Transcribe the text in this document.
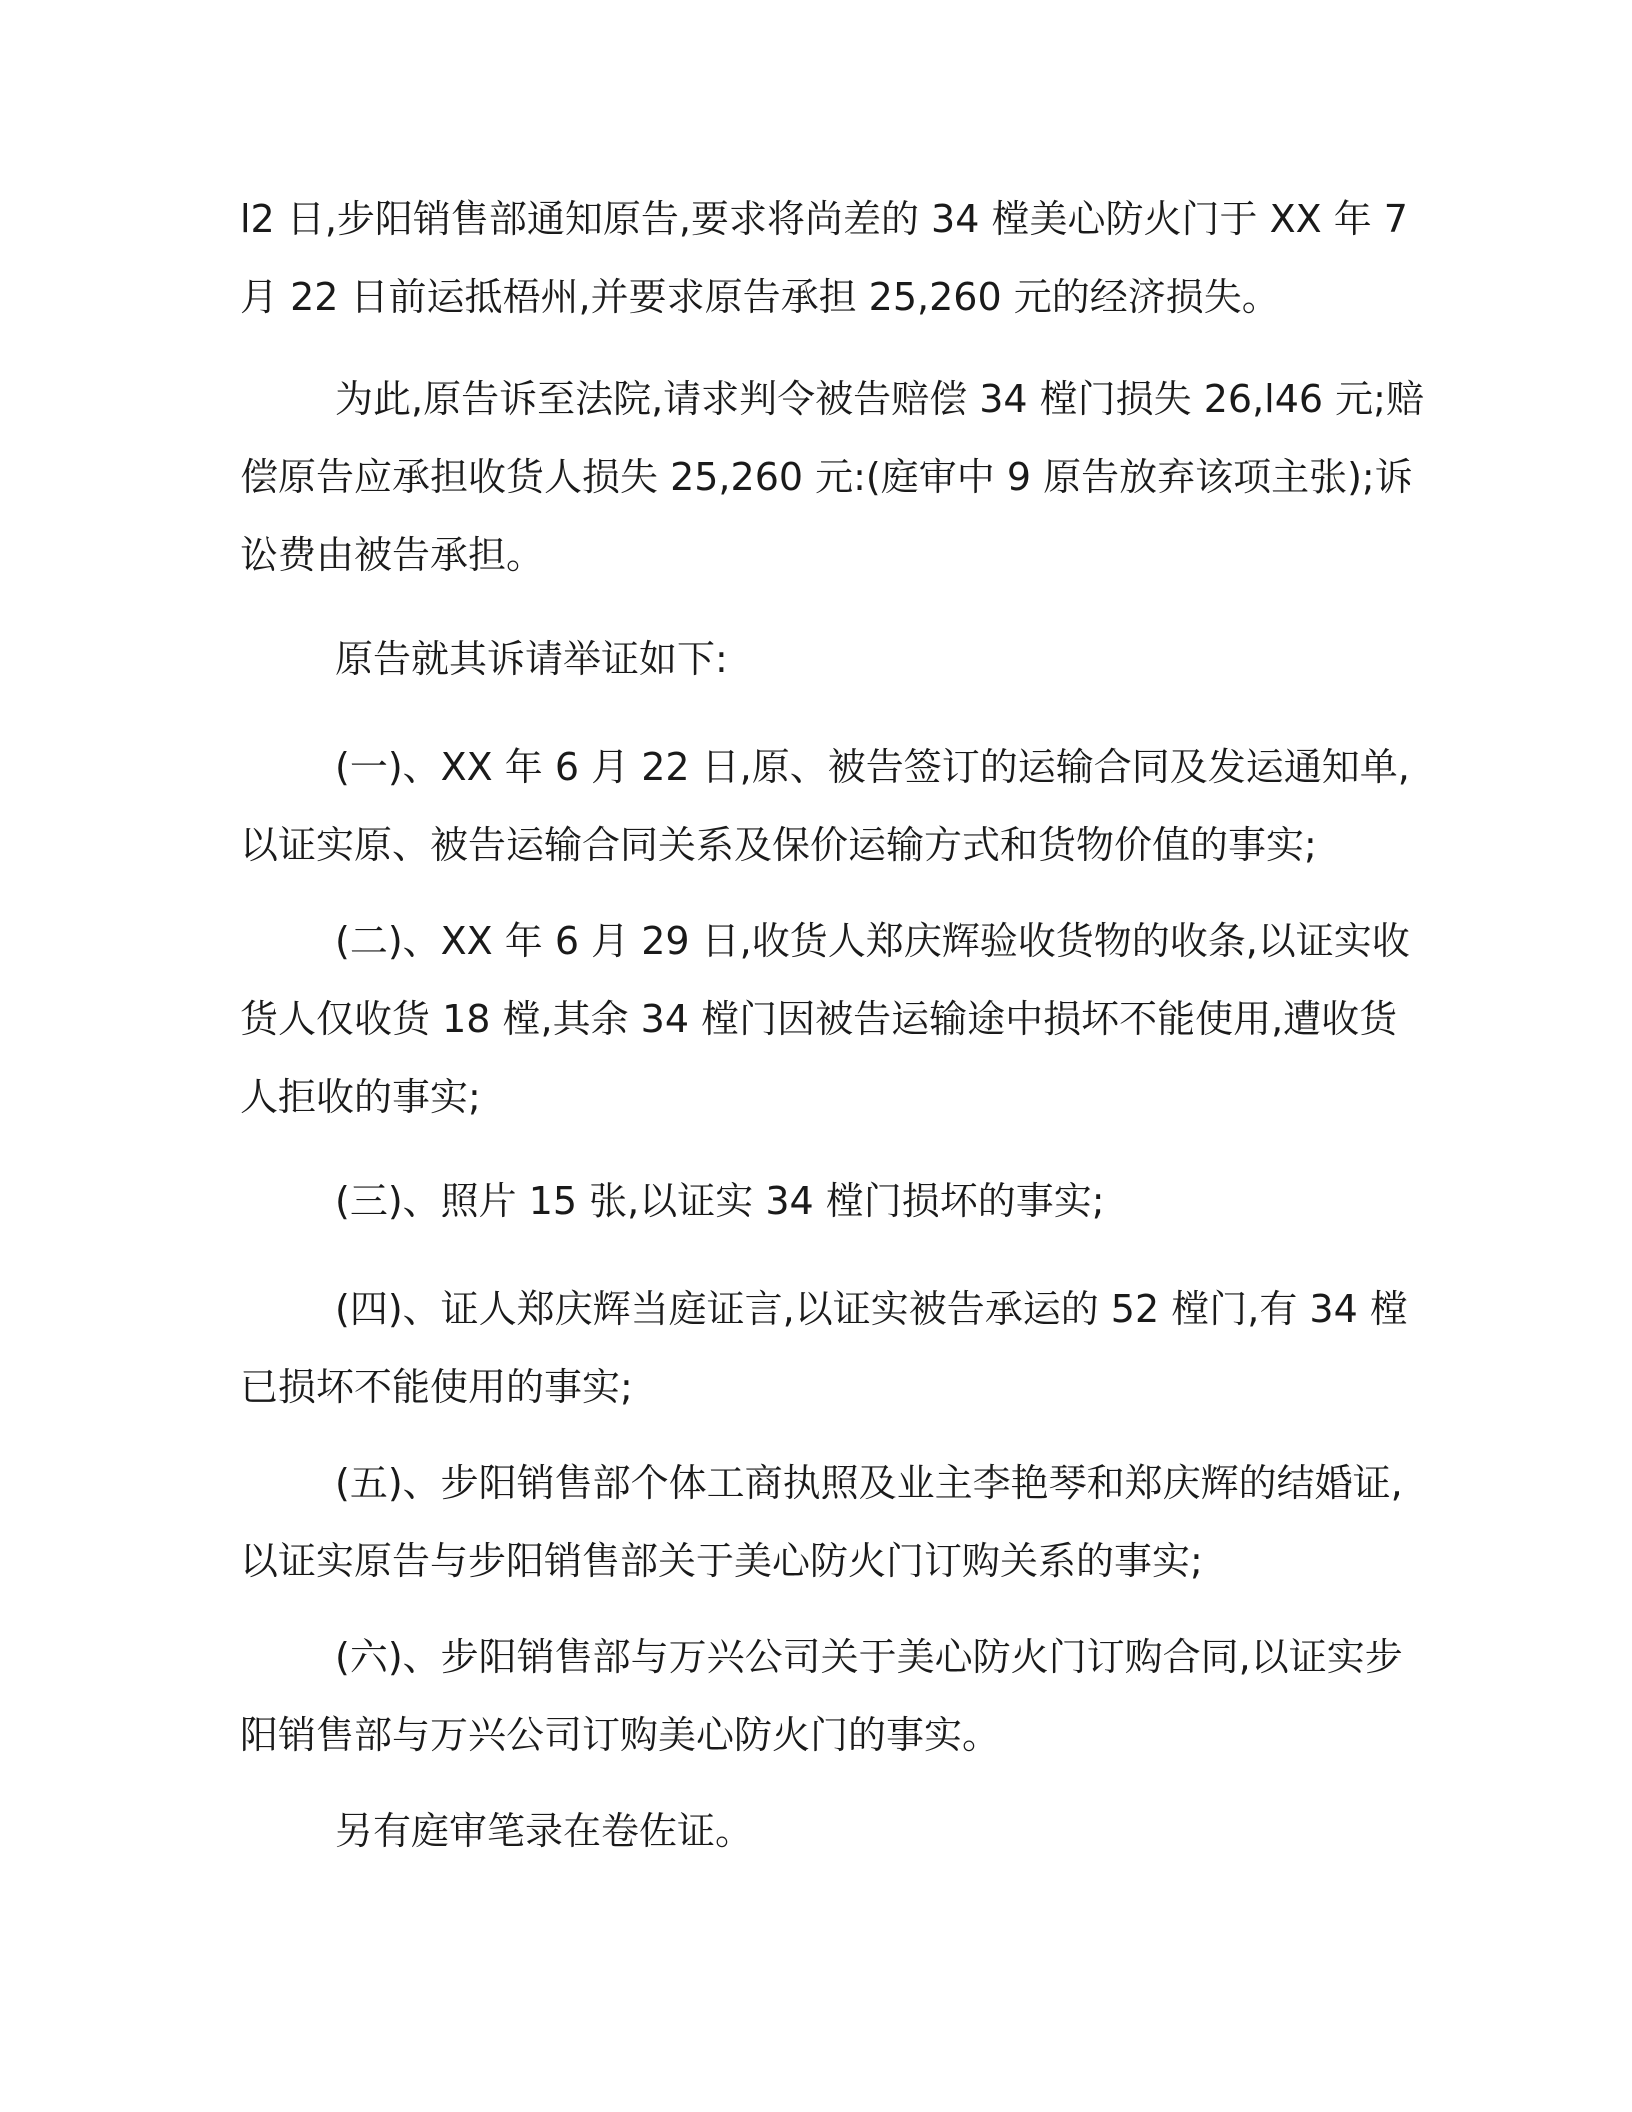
l2 日,步阳销售部通知原告,要求将尚差的 34 樘美心防火门于 XX 年 7
月 22 日前运抵梧州,并要求原告承担 25,260 元的经济损失。
为此,原告诉至法院,请求判令被告赔偿 34 樘门损失 26,l46 元;赔
偿原告应承担收货人损失 25,260 元:(庭审中 9 原告放弃该项主张);诉
讼费由被告承担。
原告就其诉请举证如下:
(一)、XX 年 6 月 22 日,原、被告签订的运输合同及发运通知单,
以证实原、被告运输合同关系及保价运输方式和货物价值的事实;
(二)、XX 年 6 月 29 日,收货人郑庆辉验收货物的收条,以证实收
货人仅收货 18 樘,其余 34 樘门因被告运输途中损坏不能使用,遭收货
人拒收的事实;
(三)、照片 15 张,以证实 34 樘门损坏的事实;
(四)、证人郑庆辉当庭证言,以证实被告承运的 52 樘门,有 34 樘
已损坏不能使用的事实;
(五)、步阳销售部个体工商执照及业主李艳琴和郑庆辉的结婚证,
以证实原告与步阳销售部关于美心防火门订购关系的事实;
(六)、步阳销售部与万兴公司关于美心防火门订购合同,以证实步
阳销售部与万兴公司订购美心防火门的事实。
另有庭审笔录在卷佐证。
